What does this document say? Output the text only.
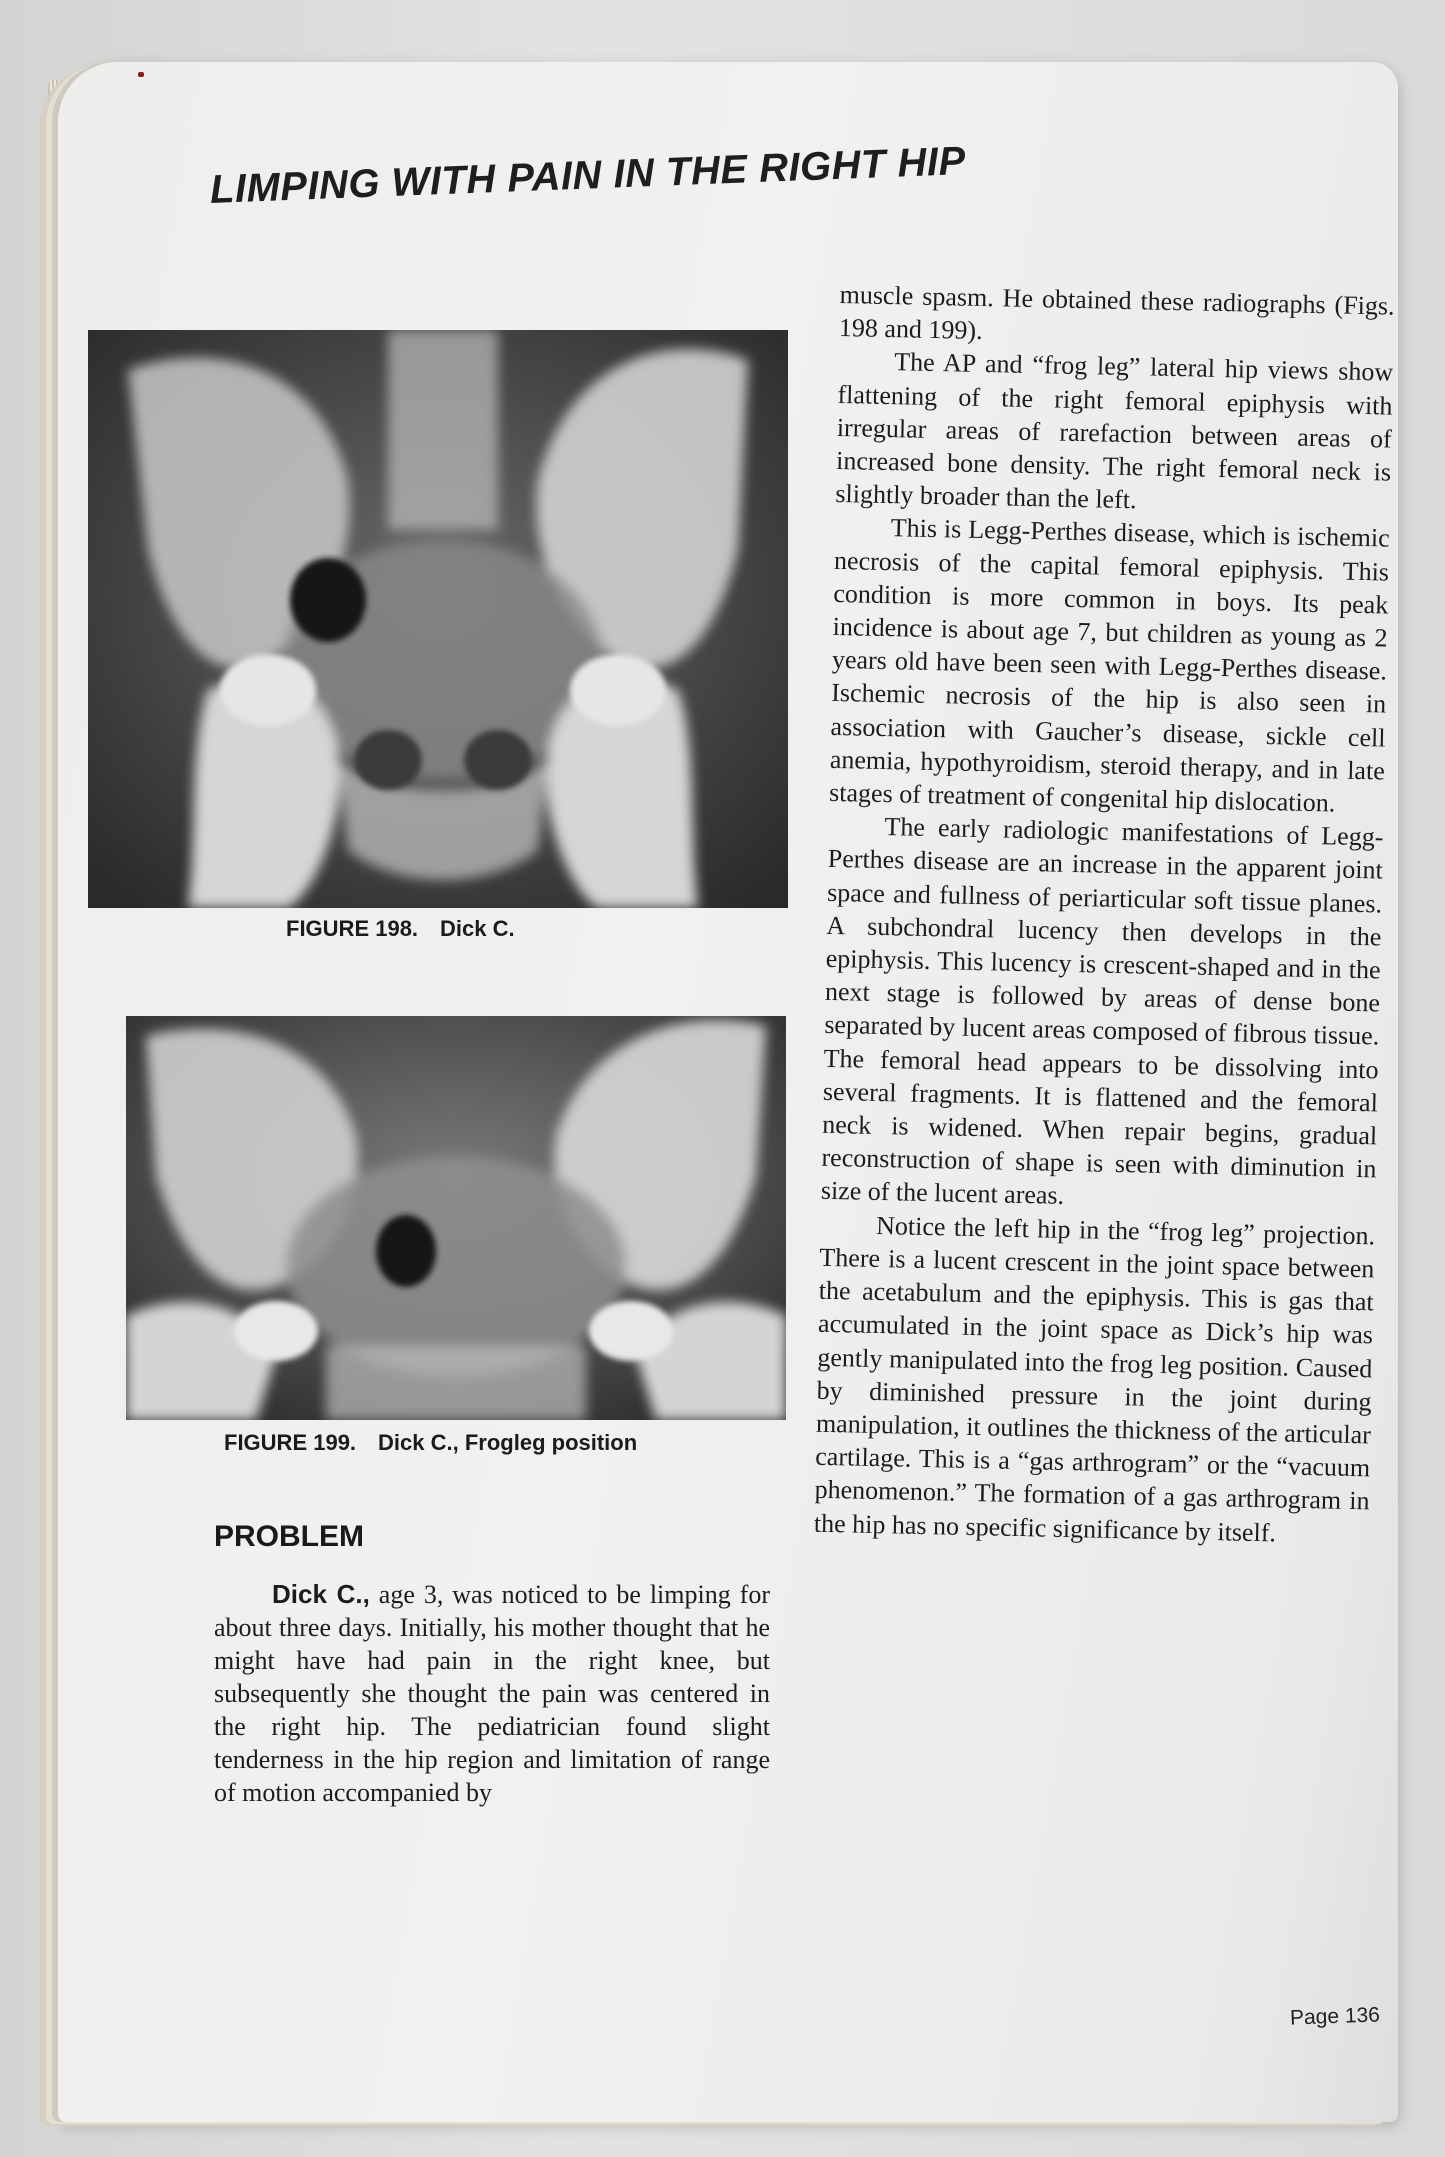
LIMPING WITH PAIN IN THE RIGHT HIP
FIGURE 198. Dick C.
FIGURE 199. Dick C., Frogleg position
PROBLEM
Dick C., age 3, was noticed to be limping for about three days. Initially, his mother thought that he might have had pain in the right knee, but subsequently she thought the pain was centered in the right hip. The pediatrician found slight tenderness in the hip region and limitation of range of motion accompanied by

muscle spasm. He obtained these radiographs (Figs. 198 and 199).

The AP and “frog leg” lateral hip views show flattening of the right femoral epiphysis with irregular areas of rarefaction between areas of increased bone density. The right femoral neck is slightly broader than the left.

This is Legg-Perthes disease, which is ischemic necrosis of the capital femoral epiphysis. This condition is more common in boys. Its peak incidence is about age 7, but children as young as 2 years old have been seen with Legg-Perthes disease. Ischemic necrosis of the hip is also seen in association with Gaucher’s disease, sickle cell anemia, hypothyroidism, steroid therapy, and in late stages of treatment of congenital hip dislocation.

The early radiologic manifestations of Legg-Perthes disease are an increase in the apparent joint space and fullness of periarticular soft tissue planes. A subchondral lucency then develops in the epiphysis. This lucency is crescent-shaped and in the next stage is followed by areas of dense bone separated by lucent areas composed of fibrous tissue. The femoral head appears to be dissolving into several fragments. It is flattened and the femoral neck is widened. When repair begins, gradual reconstruction of shape is seen with diminution in size of the lucent areas.

Notice the left hip in the “frog leg” projection. There is a lucent crescent in the joint space between the acetabulum and the epiphysis. This is gas that accumulated in the joint space as Dick’s hip was gently manipulated into the frog leg position. Caused by diminished pressure in the joint during manipulation, it outlines the thickness of the articular cartilage. This is a “gas arthrogram” or the “vacuum phenomenon.” The formation of a gas arthrogram in the hip has no specific significance by itself.

Page 136
